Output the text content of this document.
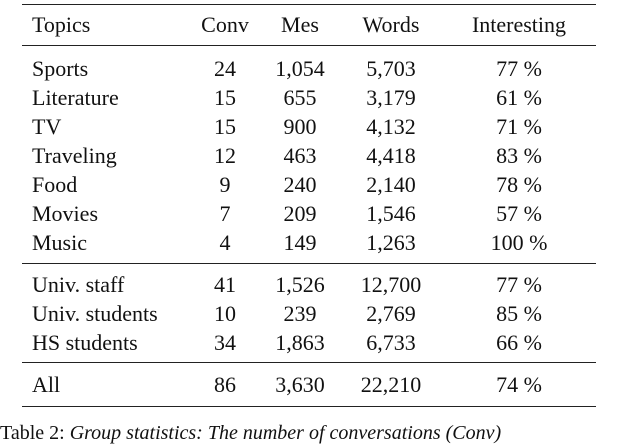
Topics	Conv	Mes	Words	Interesting
Sports	24	1,054	5,703	77 %
Literature	15	655	3,179	61 %
TV	15	900	4,132	71 %
Traveling	12	463	4,418	83 %
Food	9	240	2,140	78 %
Movies	7	209	1,546	57 %
Music	4	149	1,263	100 %
Univ. staff	41	1,526	12,700	77 %
Univ. students	10	239	2,769	85 %
HS students	34	1,863	6,733	66 %
All	86	3,630	22,210	74 %
Table 2: Group statistics: The number of conversations (Conv)
